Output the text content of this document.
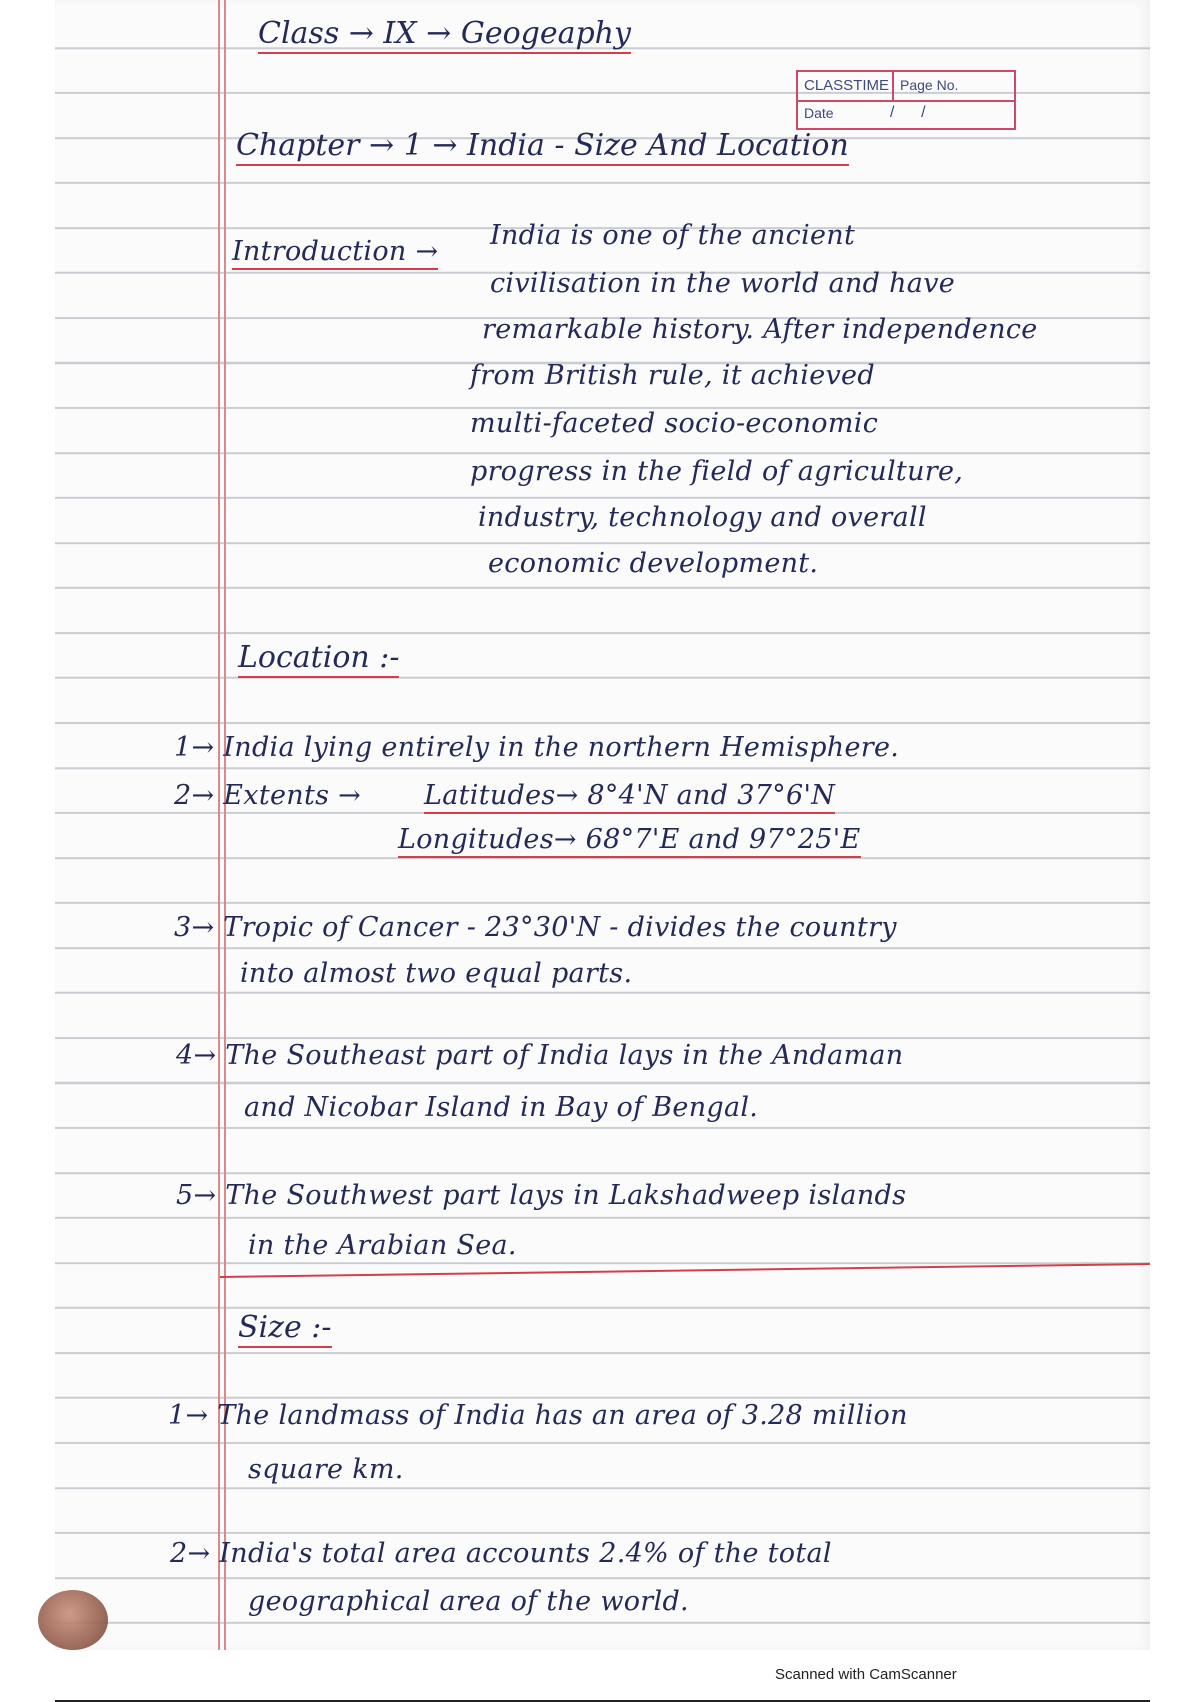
CLASSTIME Page No.
Date	/      /
Class → IX → Geogeaphy
Chapter → 1 → India - Size And Location
Introduction →
India is one of the ancient
civilisation in the world and have
remarkable history. After independence
from British rule, it achieved
multi-faceted socio-economic
progress in the field of agriculture,
industry, technology and overall
economic development.
Location :-
1→ India lying entirely in the northern Hemisphere.
2→ Extents → Latitudes→ 8°4'N and 37°6'N
Longitudes→ 68°7'E and 97°25'E
3→ Tropic of Cancer - 23°30'N - divides the country
into almost two equal parts.
4→ The Southeast part of India lays in the Andaman
and Nicobar Island in Bay of Bengal.
5→ The Southwest part lays in Lakshadweep islands
in the Arabian Sea.
Size :-
1→ The landmass of India has an area of 3.28 million
square km.
2→ India's total area accounts 2.4% of the total
geographical area of the world.
Scanned with CamScanner
